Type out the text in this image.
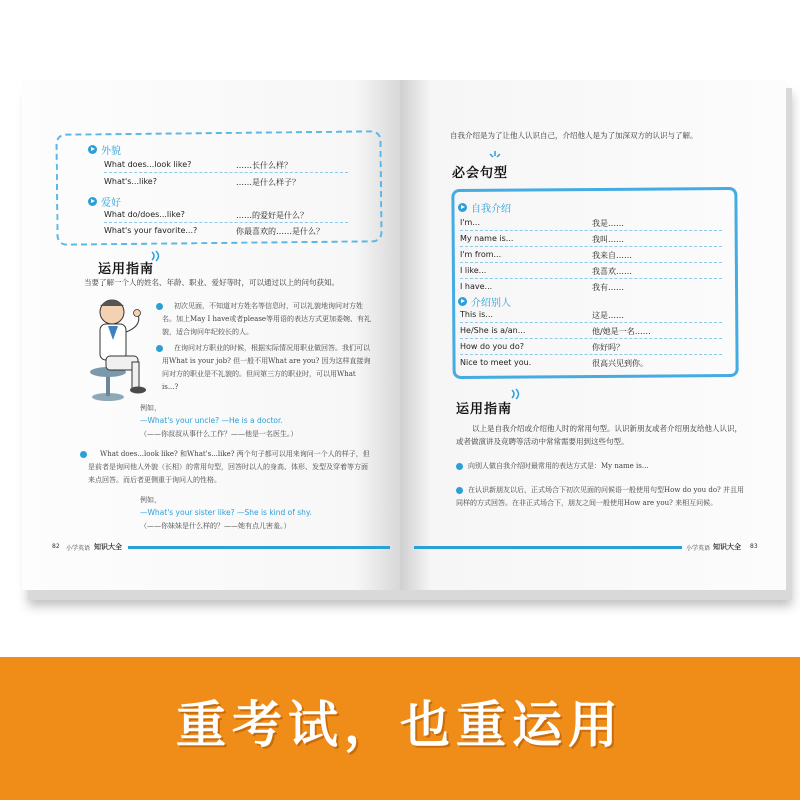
外貌
What does...look like?	……长什么样？
What's...like?	……是什么样子？
爱好
What do/does...like?	……的爱好是什么？
What's your favorite...?	你最喜欢的……是什么？
运用指南
当要了解一个人的姓名、年龄、职业、爱好等时，可以通过以上的问句获知。
初次见面，不知道对方姓名等信息时，可以礼貌地询问对方姓名。加上May I have或者please等用语的表达方式更加委婉、有礼貌，适合询问年纪较长的人。
在询问对方职业的时候，根据实际情况用职业做回答。我们可以用What is your job? 但一般不用What are you? 因为这样直接询问对方的职业是不礼貌的。但问第三方的职业时，可以用What is...?
例如，
—What's your uncle? —He is a doctor.
（——你叔叔从事什么工作？——他是一名医生。）
What does...look like? 和What's...like? 两个句子都可以用来询问一个人的样子，但是前者是询问他人外貌（长相）的常用句型，回答时以人的身高、体形、发型及穿着等方面来点回答。而后者更侧重于询问人的性格。
例如，
—What's your sister like? —She is kind of shy.
（——你妹妹是什么样的？——她有点儿害羞。）
82 小学英语 知识大全
自我介绍是为了让他人认识自己，介绍他人是为了加深双方的认识与了解。
必会句型
自我介绍
I'm...	我是……
My name is...	我叫……
I'm from...	我来自……
I like...	我喜欢……
I have...	我有……
介绍别人
This is...	这是……
He/She is a/an...	他/她是一名……
How do you do?	你好吗？
Nice to meet you.	很高兴见到你。
运用指南
以上是自我介绍或介绍他人时的常用句型。认识新朋友或者介绍朋友给他人认识，或者做演讲及竞聘等活动中常常需要用到这些句型。
向别人做自我介绍时最常用的表达方式是：My name is...
在认识新朋友以后，正式场合下初次见面的问候语一般使用句型How do you do? 并且用同样的方式回答。在非正式场合下，朋友之间一般使用How are you? 来相互问候。
小学英语 知识大全 83
重考试，也重运用
